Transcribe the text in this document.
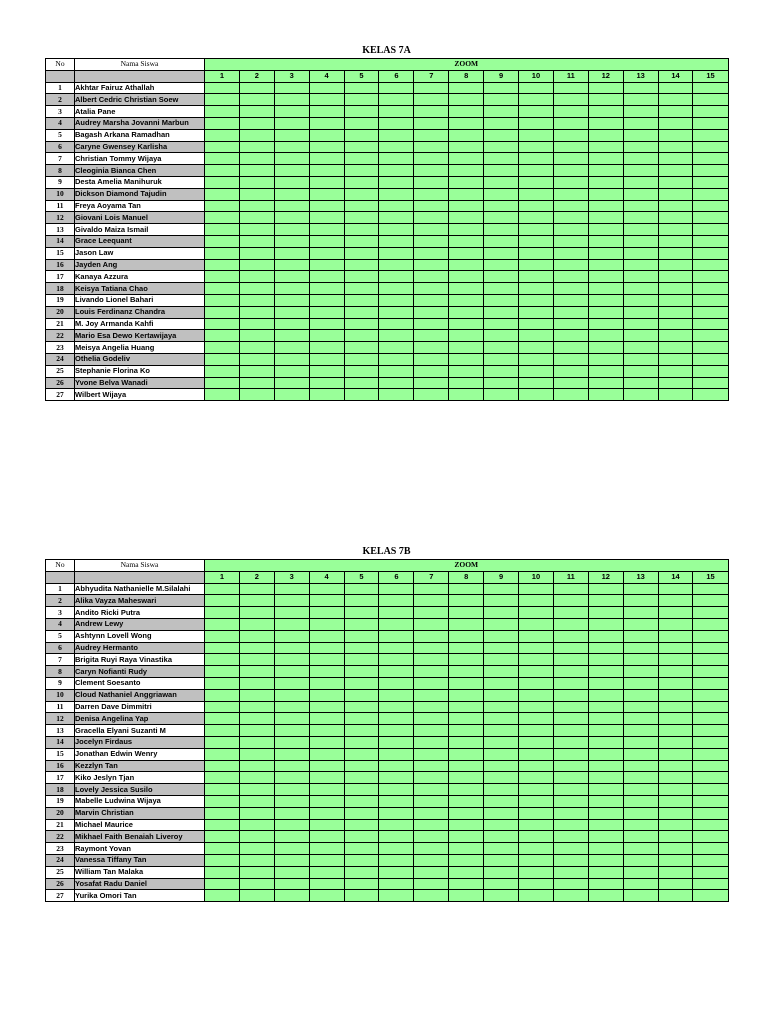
KELAS 7A
No	Nama Siswa	ZOOM														
		1	2	3	4	5	6	7	8	9	10	11	12	13	14	15
1	Akhtar Fairuz Athallah															
2	Albert Cedric Christian Soew															
3	Atalia Pane															
4	Audrey Marsha Jovanni Marbun															
5	Bagash Arkana Ramadhan															
6	Caryne Gwensey Karlisha															
7	Christian Tommy Wijaya															
8	Cleoginia Bianca Chen															
9	Desta Amelia Manihuruk															
10	Dickson Diamond Tajudin															
11	Freya Aoyama Tan															
12	Giovani Lois Manuel															
13	Givaldo Maiza Ismail															
14	Grace Leequant															
15	Jason Law															
16	Jayden Ang															
17	Kanaya Azzura															
18	Keisya Tatiana Chao															
19	Livando Lionel Bahari															
20	Louis Ferdinanz Chandra															
21	M. Joy Armanda Kahfi															
22	Mario Esa Dewo Kertawijaya															
23	Meisya Angelia Huang															
24	Othelia Godeliv															
25	Stephanie Florina Ko															
26	Yvone Belva Wanadi															
27	Wilbert Wijaya															
KELAS 7B
No	Nama Siswa	ZOOM														
		1	2	3	4	5	6	7	8	9	10	11	12	13	14	15
1	Abhyudita Nathanielle M.Silalahi															
2	Alika Vayza Maheswari															
3	Andito Ricki Putra															
4	Andrew Lewy															
5	Ashtynn Lovell Wong															
6	Audrey Hermanto															
7	Brigita Ruyi Raya Vinastika															
8	Caryn Nofianti Rudy															
9	Clement Soesanto															
10	Cloud Nathaniel Anggriawan															
11	Darren Dave Dimmitri															
12	Denisa Angelina Yap															
13	Gracella Elyani Suzanti M															
14	Jocelyn Firdaus															
15	Jonathan Edwin Wenry															
16	Kezzlyn Tan															
17	Kiko Jeslyn Tjan															
18	Lovely Jessica Susilo															
19	Mabelle Ludwina Wijaya															
20	Marvin Christian															
21	Michael Maurice															
22	Mikhael Faith Benaiah Liveroy															
23	Raymont Yovan															
24	Vanessa Tiffany Tan															
25	William Tan Malaka															
26	Yosafat Radu Daniel															
27	Yurika Omori Tan															
